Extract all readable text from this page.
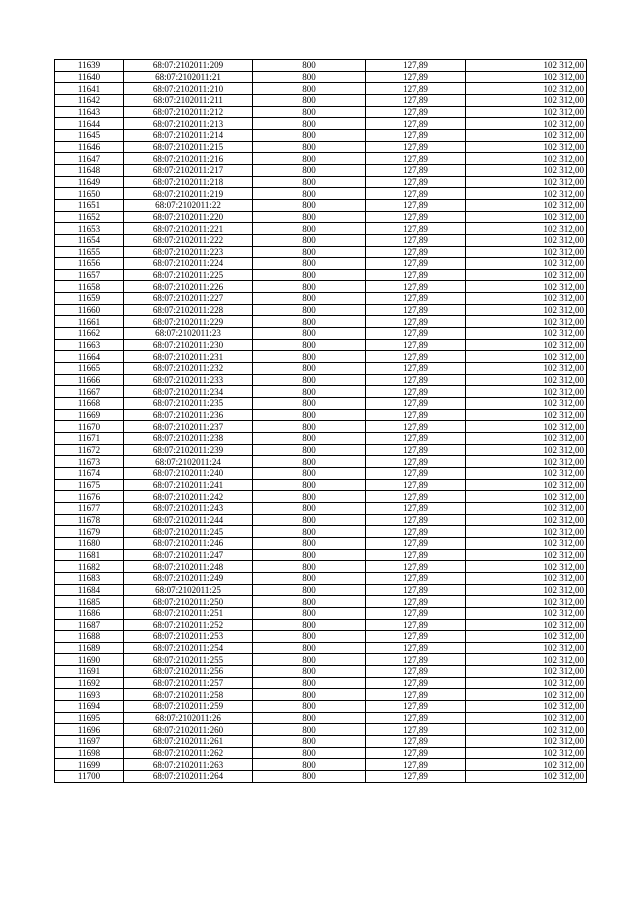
11639	68:07:2102011:209	800	127,89	102 312,00
11640	68:07:2102011:21	800	127,89	102 312,00
11641	68:07:2102011:210	800	127,89	102 312,00
11642	68:07:2102011:211	800	127,89	102 312,00
11643	68:07:2102011:212	800	127,89	102 312,00
11644	68:07:2102011:213	800	127,89	102 312,00
11645	68:07:2102011:214	800	127,89	102 312,00
11646	68:07:2102011:215	800	127,89	102 312,00
11647	68:07:2102011:216	800	127,89	102 312,00
11648	68:07:2102011:217	800	127,89	102 312,00
11649	68:07:2102011:218	800	127,89	102 312,00
11650	68:07:2102011:219	800	127,89	102 312,00
11651	68:07:2102011:22	800	127,89	102 312,00
11652	68:07:2102011:220	800	127,89	102 312,00
11653	68:07:2102011:221	800	127,89	102 312,00
11654	68:07:2102011:222	800	127,89	102 312,00
11655	68:07:2102011:223	800	127,89	102 312,00
11656	68:07:2102011:224	800	127,89	102 312,00
11657	68:07:2102011:225	800	127,89	102 312,00
11658	68:07:2102011:226	800	127,89	102 312,00
11659	68:07:2102011:227	800	127,89	102 312,00
11660	68:07:2102011:228	800	127,89	102 312,00
11661	68:07:2102011:229	800	127,89	102 312,00
11662	68:07:2102011:23	800	127,89	102 312,00
11663	68:07:2102011:230	800	127,89	102 312,00
11664	68:07:2102011:231	800	127,89	102 312,00
11665	68:07:2102011:232	800	127,89	102 312,00
11666	68:07:2102011:233	800	127,89	102 312,00
11667	68:07:2102011:234	800	127,89	102 312,00
11668	68:07:2102011:235	800	127,89	102 312,00
11669	68:07:2102011:236	800	127,89	102 312,00
11670	68:07:2102011:237	800	127,89	102 312,00
11671	68:07:2102011:238	800	127,89	102 312,00
11672	68:07:2102011:239	800	127,89	102 312,00
11673	68:07:2102011:24	800	127,89	102 312,00
11674	68:07:2102011:240	800	127,89	102 312,00
11675	68:07:2102011:241	800	127,89	102 312,00
11676	68:07:2102011:242	800	127,89	102 312,00
11677	68:07:2102011:243	800	127,89	102 312,00
11678	68:07:2102011:244	800	127,89	102 312,00
11679	68:07:2102011:245	800	127,89	102 312,00
11680	68:07:2102011:246	800	127,89	102 312,00
11681	68:07:2102011:247	800	127,89	102 312,00
11682	68:07:2102011:248	800	127,89	102 312,00
11683	68:07:2102011:249	800	127,89	102 312,00
11684	68:07:2102011:25	800	127,89	102 312,00
11685	68:07:2102011:250	800	127,89	102 312,00
11686	68:07:2102011:251	800	127,89	102 312,00
11687	68:07:2102011:252	800	127,89	102 312,00
11688	68:07:2102011:253	800	127,89	102 312,00
11689	68:07:2102011:254	800	127,89	102 312,00
11690	68:07:2102011:255	800	127,89	102 312,00
11691	68:07:2102011:256	800	127,89	102 312,00
11692	68:07:2102011:257	800	127,89	102 312,00
11693	68:07:2102011:258	800	127,89	102 312,00
11694	68:07:2102011:259	800	127,89	102 312,00
11695	68:07:2102011:26	800	127,89	102 312,00
11696	68:07:2102011:260	800	127,89	102 312,00
11697	68:07:2102011:261	800	127,89	102 312,00
11698	68:07:2102011:262	800	127,89	102 312,00
11699	68:07:2102011:263	800	127,89	102 312,00
11700	68:07:2102011:264	800	127,89	102 312,00
